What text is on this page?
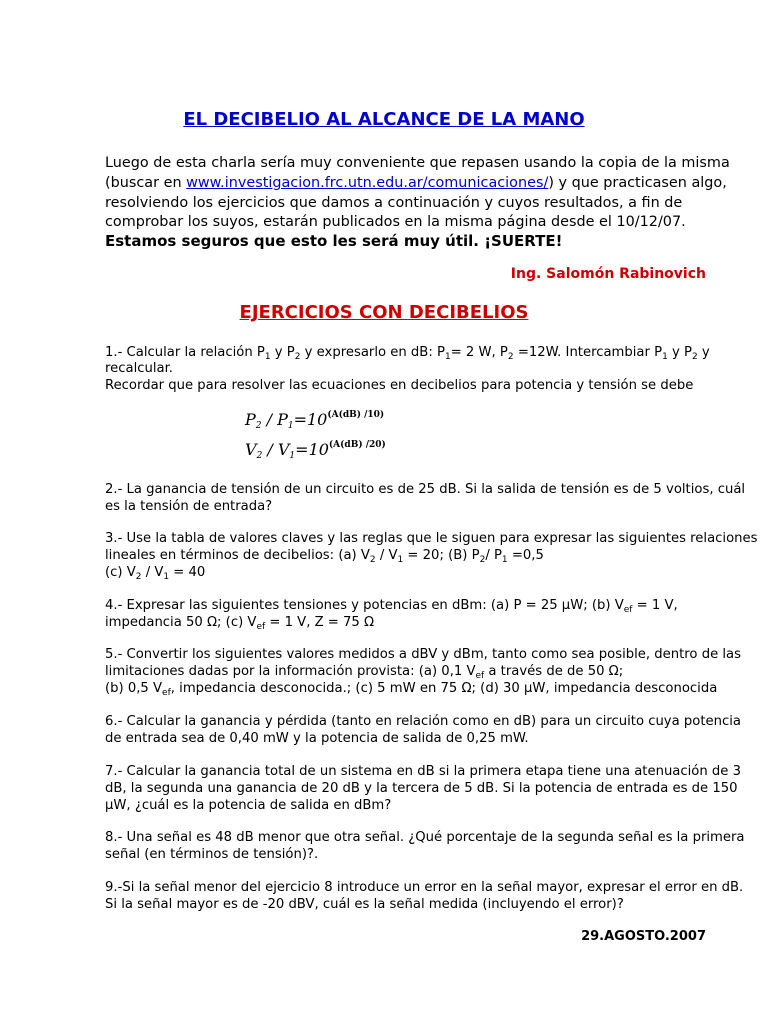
EL DECIBELIO AL ALCANCE DE LA MANO
Luego de esta charla sería muy conveniente que repasen usando la copia de la misma
(buscar en www.investigacion.frc.utn.edu.ar/comunicaciones/) y que practicasen algo,
resolviendo los ejercicios que damos a continuación y cuyos resultados, a fin de
comprobar los suyos, estarán publicados en la misma página desde el 10/12/07.
Estamos seguros que esto les será muy útil. ¡SUERTE!
Ing. Salomón Rabinovich
EJERCICIOS CON DECIBELIOS
1.- Calcular la relación $P_1$ y $P_2$ y expresarlo en dB: $P_1= 2$ W, $P_2 =12W$. Intercambiar $P_1$ y $P_2$ y
recalcular.
Recordar que para resolver las ecuaciones en decibelios para potencia y tensión se debe
$P_2 / P_1=10^{(A(dB) /10)}$
$V_2 / V_1=10^{(A(dB) /20)}$
2.- La ganancia de tensión de un circuito es de 25 dB. Si la salida de tensión es de 5 voltios, cuál
es la tensión de entrada?
3.- Use la tabla de valores claves y las reglas que le siguen para expresar las siguientes relaciones
lineales en términos de decibelios: (a) $V_2 / V_1 = 20$; (B) $P_2/$ $P_1 =0,5$
(c) $V_2 / V_1 = 40$
4.- Expresar las siguientes tensiones y potencias en dBm: (a) P = 25 µW; (b) $V_{ef} = 1$ V,
impedancia 50 Ω; (c) $V_{ef} = 1$ V, Z = 75 Ω
5.- Convertir los siguientes valores medidos a dBV y dBm, tanto como sea posible, dentro de las
limitaciones dadas por la información provista: (a) 0,1 $V_{ef}$ a través de de 50 Ω;
(b) 0,5 $V_{ef}$, impedancia desconocida.; (c) 5 mW en 75 Ω; (d) 30 µW, impedancia desconocida
6.- Calcular la ganancia y pérdida (tanto en relación como en dB) para un circuito cuya potencia
de entrada sea de 0,40 mW y la potencia de salida de 0,25 mW.
7.- Calcular la ganancia total de un sistema en dB si la primera etapa tiene una atenuación de 3
dB, la segunda una ganancia de 20 dB y la tercera de 5 dB. Si la potencia de entrada es de 150
µW, ¿cuál es la potencia de salida en dBm?
8.- Una señal es 48 dB menor que otra señal. ¿Qué porcentaje de la segunda señal es la primera
señal (en términos de tensión)?.
9.-Si la señal menor del ejercicio 8 introduce un error en la señal mayor, expresar el error en dB.
Si la señal mayor es de -20 dBV, cuál es la señal medida (incluyendo el error)?
29.AGOSTO.2007
